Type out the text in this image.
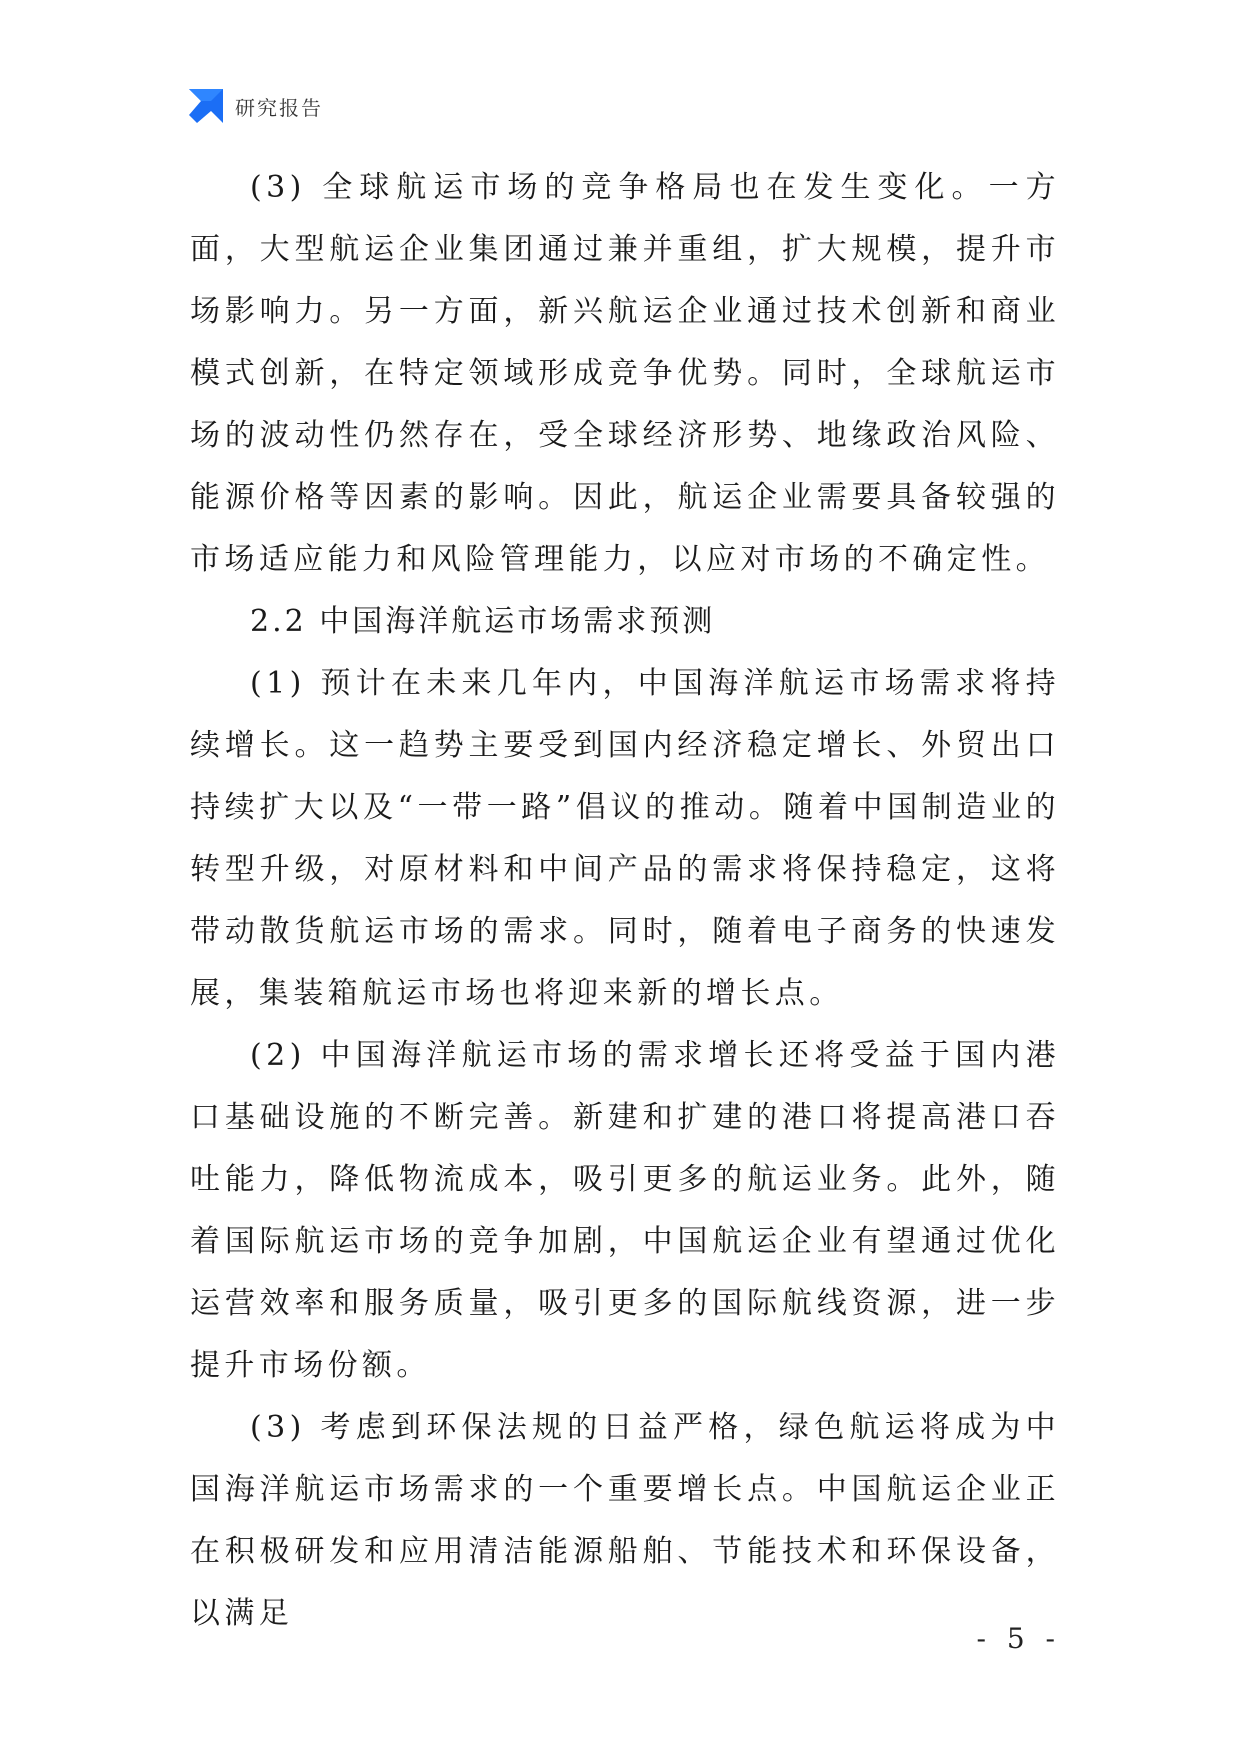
研究报告

(3) 全球航运市场的竞争格局也在发生变化。一方面，大型航运企业集团通过兼并重组，扩大规模，提升市场影响力。另一方面，新兴航运企业通过技术创新和商业模式创新，在特定领域形成竞争优势。同时，全球航运市场的波动性仍然存在，受全球经济形势、地缘政治风险、能源价格等因素的影响。因此，航运企业需要具备较强的市场适应能力和风险管理能力，以应对市场的不确定性。

2.2 中国海洋航运市场需求预测

(1) 预计在未来几年内，中国海洋航运市场需求将持续增长。这一趋势主要受到国内经济稳定增长、外贸出口持续扩大以及“一带一路”倡议的推动。随着中国制造业的转型升级，对原材料和中间产品的需求将保持稳定，这将带动散货航运市场的需求。同时，随着电子商务的快速发展，集装箱航运市场也将迎来新的增长点。

(2) 中国海洋航运市场的需求增长还将受益于国内港口基础设施的不断完善。新建和扩建的港口将提高港口吞吐能力，降低物流成本，吸引更多的航运业务。此外，随着国际航运市场的竞争加剧，中国航运企业有望通过优化运营效率和服务质量，吸引更多的国际航线资源，进一步提升市场份额。

(3) 考虑到环保法规的日益严格，绿色航运将成为中国海洋航运市场需求的一个重要增长点。中国航运企业正在积极研发和应用清洁能源船舶、节能技术和环保设备，以满足

- 5 -
